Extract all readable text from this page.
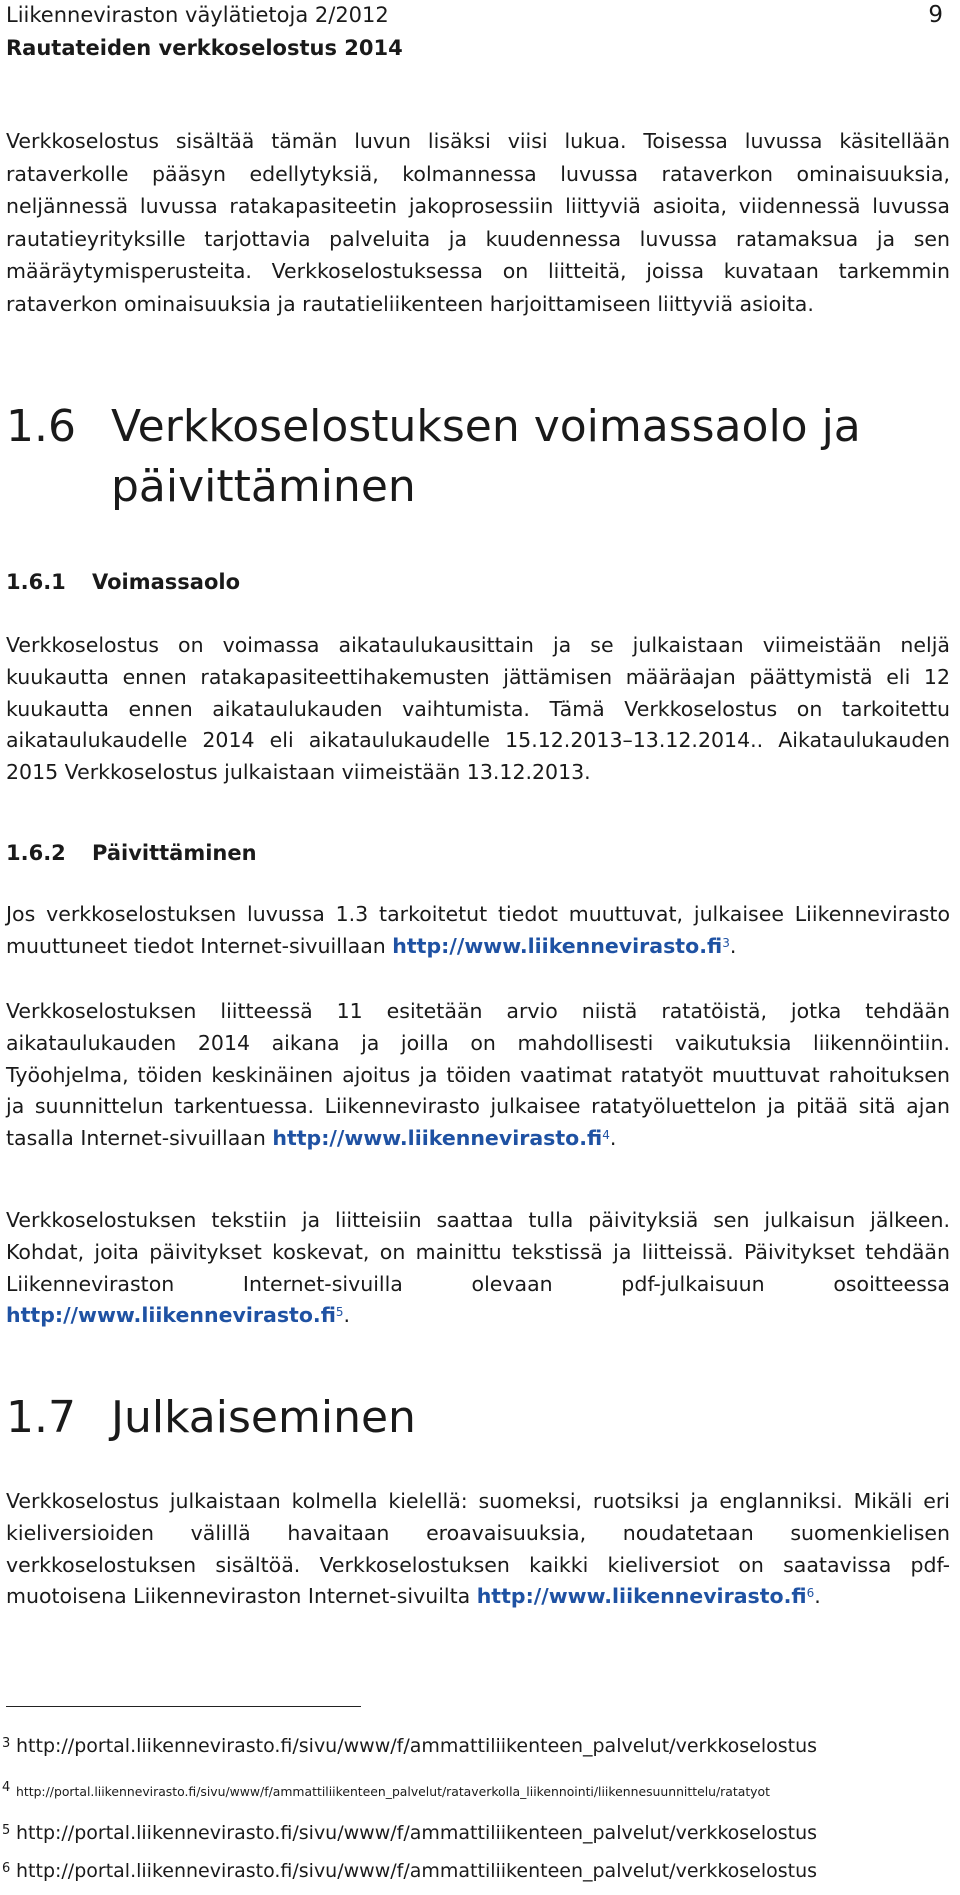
Liikenneviraston väylätietoja 2/2012
Rautateiden verkkoselostus 2014
9

Verkkoselostus sisältää tämän luvun lisäksi viisi lukua. Toisessa luvussa käsitellään rataverkolle pääsyn edellytyksiä, kolmannessa luvussa rataverkon ominaisuuksia, neljännessä luvussa ratakapasiteetin jakoprosessiin liittyviä asioita, viidennessä luvussa rautatieyrityksille tarjottavia palveluita ja kuudennessa luvussa ratamaksua ja sen määräytymisperusteita. Verkkoselostuksessa on liitteitä, joissa kuvataan tarkemmin rataverkon ominaisuuksia ja rautatieliikenteen harjoittamiseen liittyviä asioita.

1.6 Verkkoselostuksen voimassaolo ja päivittäminen
1.6.1 Voimassaolo

Verkkoselostus on voimassa aikataulukausittain ja se julkaistaan viimeistään neljä kuukautta ennen ratakapasiteettihakemusten jättämisen määräajan päättymistä eli 12 kuukautta ennen aikataulukauden vaihtumista. Tämä Verkkoselostus on tarkoitettu aikataulukaudelle 2014 eli aikataulukaudelle 15.12.2013–13.12.2014.. Aikataulukauden 2015 Verkkoselostus julkaistaan viimeistään 13.12.2013.

1.6.2 Päivittäminen

Jos verkkoselostuksen luvussa 1.3 tarkoitetut tiedot muuttuvat, julkaisee Liikennevirasto muuttuneet tiedot Internet-sivuillaan $http://www.liikennevirasto.fi^3$.

Verkkoselostuksen liitteessä 11 esitetään arvio niistä ratatöistä, jotka tehdään aikataulukauden 2014 aikana ja joilla on mahdollisesti vaikutuksia liikennöintiin. Työohjelma, töiden keskinäinen ajoitus ja töiden vaatimat ratatyöt muuttuvat rahoituksen ja suunnittelun tarkentuessa. Liikennevirasto julkaisee ratatyöluettelon ja pitää sitä ajan tasalla Internet-sivuillaan $http://www.liikennevirasto.fi^4$.

Verkkoselostuksen tekstiin ja liitteisiin saattaa tulla päivityksiä sen julkaisun jälkeen. Kohdat, joita päivitykset koskevat, on mainittu tekstissä ja liitteissä. Päivitykset tehdään Liikenneviraston Internet-sivuilla olevaan pdf-julkaisuun osoitteessa $http://www.liikennevirasto.fi^5$.

1.7 Julkaiseminen

Verkkoselostus julkaistaan kolmella kielellä: suomeksi, ruotsiksi ja englanniksi. Mikäli eri kieliversioiden välillä havaitaan eroavaisuuksia, noudatetaan suomenkielisen verkkoselostuksen sisältöä. Verkkoselostuksen kaikki kieliversiot on saatavissa pdf-muotoisena Liikenneviraston Internet-sivuilta $http://www.liikennevirasto.fi^6$.

3 http://portal.liikennevirasto.fi/sivu/www/f/ammattiliikenteen_palvelut/verkkoselostus
4 http://portal.liikennevirasto.fi/sivu/www/f/ammattiliikenteen_palvelut/rataverkolla_liikennointi/liikennesuunnittelu/ratatyot
5 http://portal.liikennevirasto.fi/sivu/www/f/ammattiliikenteen_palvelut/verkkoselostus
6 http://portal.liikennevirasto.fi/sivu/www/f/ammattiliikenteen_palvelut/verkkoselostus
